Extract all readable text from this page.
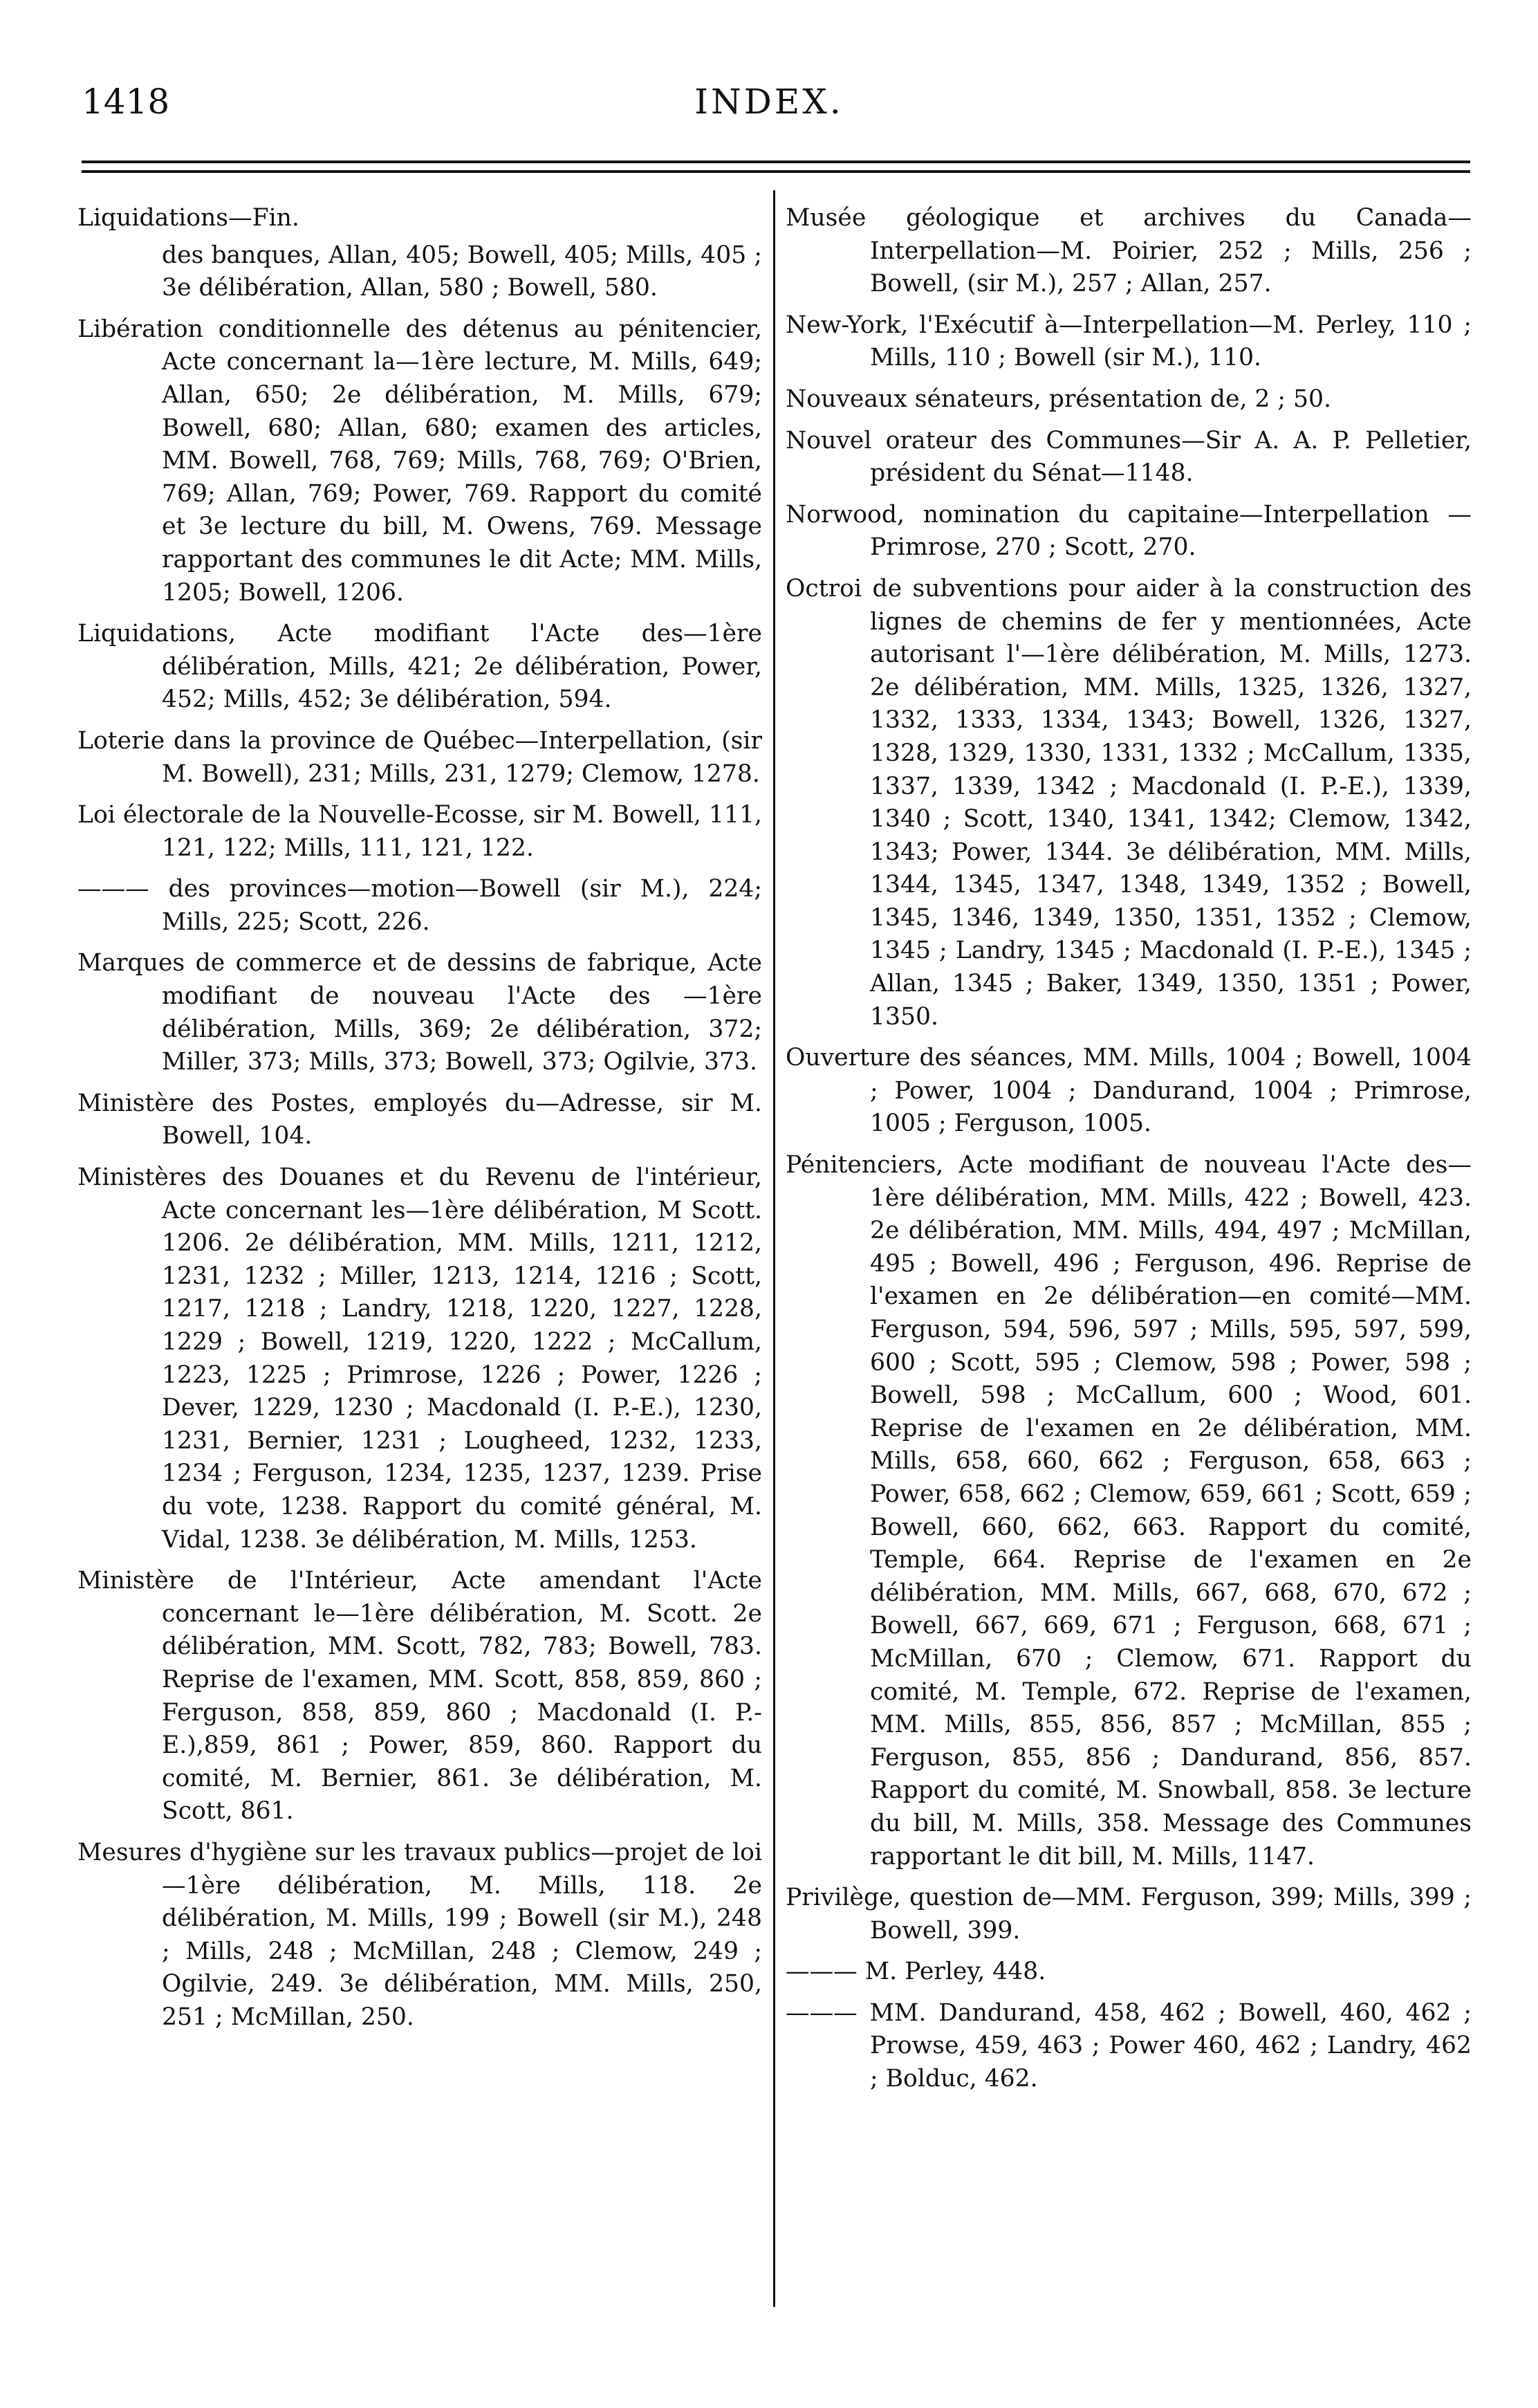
1418	INDEX.
Liquidations—Fin.
des banques, Allan, 405; Bowell, 405; Mills, 405 ; 3e délibération, Allan, 580 ; Bowell, 580.
Libération conditionnelle des détenus au pénitencier, Acte concernant la—1ère lecture, M. Mills, 649; Allan, 650; 2e délibération, M. Mills, 679; Bowell, 680; Allan, 680; examen des articles, MM. Bowell, 768, 769; Mills, 768, 769; O'Brien, 769; Allan, 769; Power, 769. Rapport du comité et 3e lecture du bill, M. Owens, 769. Message rapportant des communes le dit Acte; MM. Mills, 1205; Bowell, 1206.
Liquidations, Acte modifiant l'Acte des—1ère délibération, Mills, 421; 2e délibération, Power, 452; Mills, 452; 3e délibération, 594.
Loterie dans la province de Québec—Interpellation, (sir M. Bowell), 231; Mills, 231, 1279; Clemow, 1278.
Loi électorale de la Nouvelle-Ecosse, sir M. Bowell, 111, 121, 122; Mills, 111, 121, 122.
——— des provinces—motion—Bowell (sir M.), 224; Mills, 225; Scott, 226.
Marques de commerce et de dessins de fabrique, Acte modifiant de nouveau l'Acte des —1ère délibération, Mills, 369; 2e délibération, 372; Miller, 373; Mills, 373; Bowell, 373; Ogilvie, 373.
Ministère des Postes, employés du—Adresse, sir M. Bowell, 104.
Ministères des Douanes et du Revenu de l'intérieur, Acte concernant les—1ère délibération, M Scott. 1206. 2e délibération, MM. Mills, 1211, 1212, 1231, 1232 ; Miller, 1213, 1214, 1216 ; Scott, 1217, 1218 ; Landry, 1218, 1220, 1227, 1228, 1229 ; Bowell, 1219, 1220, 1222 ; McCallum, 1223, 1225 ; Primrose, 1226 ; Power, 1226 ; Dever, 1229, 1230 ; Macdonald (I. P.-E.), 1230, 1231, Bernier, 1231 ; Lougheed, 1232, 1233, 1234 ; Ferguson, 1234, 1235, 1237, 1239. Prise du vote, 1238. Rapport du comité général, M. Vidal, 1238. 3e délibération, M. Mills, 1253.
Ministère de l'Intérieur, Acte amendant l'Acte concernant le—1ère délibération, M. Scott. 2e délibération, MM. Scott, 782, 783; Bowell, 783. Reprise de l'examen, MM. Scott, 858, 859, 860 ; Ferguson, 858, 859, 860 ; Macdonald (I. P.-E.),859, 861 ; Power, 859, 860. Rapport du comité, M. Bernier, 861. 3e délibération, M. Scott, 861.
Mesures d'hygiène sur les travaux publics—projet de loi—1ère délibération, M. Mills, 118. 2e délibération, M. Mills, 199 ; Bowell (sir M.), 248 ; Mills, 248 ; McMillan, 248 ; Clemow, 249 ; Ogilvie, 249. 3e délibération, MM. Mills, 250, 251 ; McMillan, 250.
Musée géologique et archives du Canada—Interpellation—M. Poirier, 252 ; Mills, 256 ; Bowell, (sir M.), 257 ; Allan, 257.
New-York, l'Exécutif à—Interpellation—M. Perley, 110 ; Mills, 110 ; Bowell (sir M.), 110.
Nouveaux sénateurs, présentation de, 2 ; 50.
Nouvel orateur des Communes—Sir A. A. P. Pelletier, président du Sénat—1148.
Norwood, nomination du capitaine—Interpellation —Primrose, 270 ; Scott, 270.
Octroi de subventions pour aider à la construction des lignes de chemins de fer y mentionnées, Acte autorisant l'—1ère délibération, M. Mills, 1273. 2e délibération, MM. Mills, 1325, 1326, 1327, 1332, 1333, 1334, 1343; Bowell, 1326, 1327, 1328, 1329, 1330, 1331, 1332 ; McCallum, 1335, 1337, 1339, 1342 ; Macdonald (I. P.-E.), 1339, 1340 ; Scott, 1340, 1341, 1342; Clemow, 1342, 1343; Power, 1344. 3e délibération, MM. Mills, 1344, 1345, 1347, 1348, 1349, 1352 ; Bowell, 1345, 1346, 1349, 1350, 1351, 1352 ; Clemow, 1345 ; Landry, 1345 ; Macdonald (I. P.-E.), 1345 ; Allan, 1345 ; Baker, 1349, 1350, 1351 ; Power, 1350.
Ouverture des séances, MM. Mills, 1004 ; Bowell, 1004 ; Power, 1004 ; Dandurand, 1004 ; Primrose, 1005 ; Ferguson, 1005.
Pénitenciers, Acte modifiant de nouveau l'Acte des—1ère délibération, MM. Mills, 422 ; Bowell, 423. 2e délibération, MM. Mills, 494, 497 ; McMillan, 495 ; Bowell, 496 ; Ferguson, 496. Reprise de l'examen en 2e délibération—en comité—MM. Ferguson, 594, 596, 597 ; Mills, 595, 597, 599, 600 ; Scott, 595 ; Clemow, 598 ; Power, 598 ; Bowell, 598 ; McCallum, 600 ; Wood, 601. Reprise de l'examen en 2e délibération, MM. Mills, 658, 660, 662 ; Ferguson, 658, 663 ; Power, 658, 662 ; Clemow, 659, 661 ; Scott, 659 ; Bowell, 660, 662, 663. Rapport du comité, Temple, 664. Reprise de l'examen en 2e délibération, MM. Mills, 667, 668, 670, 672 ; Bowell, 667, 669, 671 ; Ferguson, 668, 671 ; McMillan, 670 ; Clemow, 671. Rapport du comité, M. Temple, 672. Reprise de l'examen, MM. Mills, 855, 856, 857 ; McMillan, 855 ; Ferguson, 855, 856 ; Dandurand, 856, 857. Rapport du comité, M. Snowball, 858. 3e lecture du bill, M. Mills, 358. Message des Communes rapportant le dit bill, M. Mills, 1147.
Privilège, question de—MM. Ferguson, 399; Mills, 399 ; Bowell, 399.
——— M. Perley, 448.
——— MM. Dandurand, 458, 462 ; Bowell, 460, 462 ; Prowse, 459, 463 ; Power 460, 462 ; Landry, 462 ; Bolduc, 462.
